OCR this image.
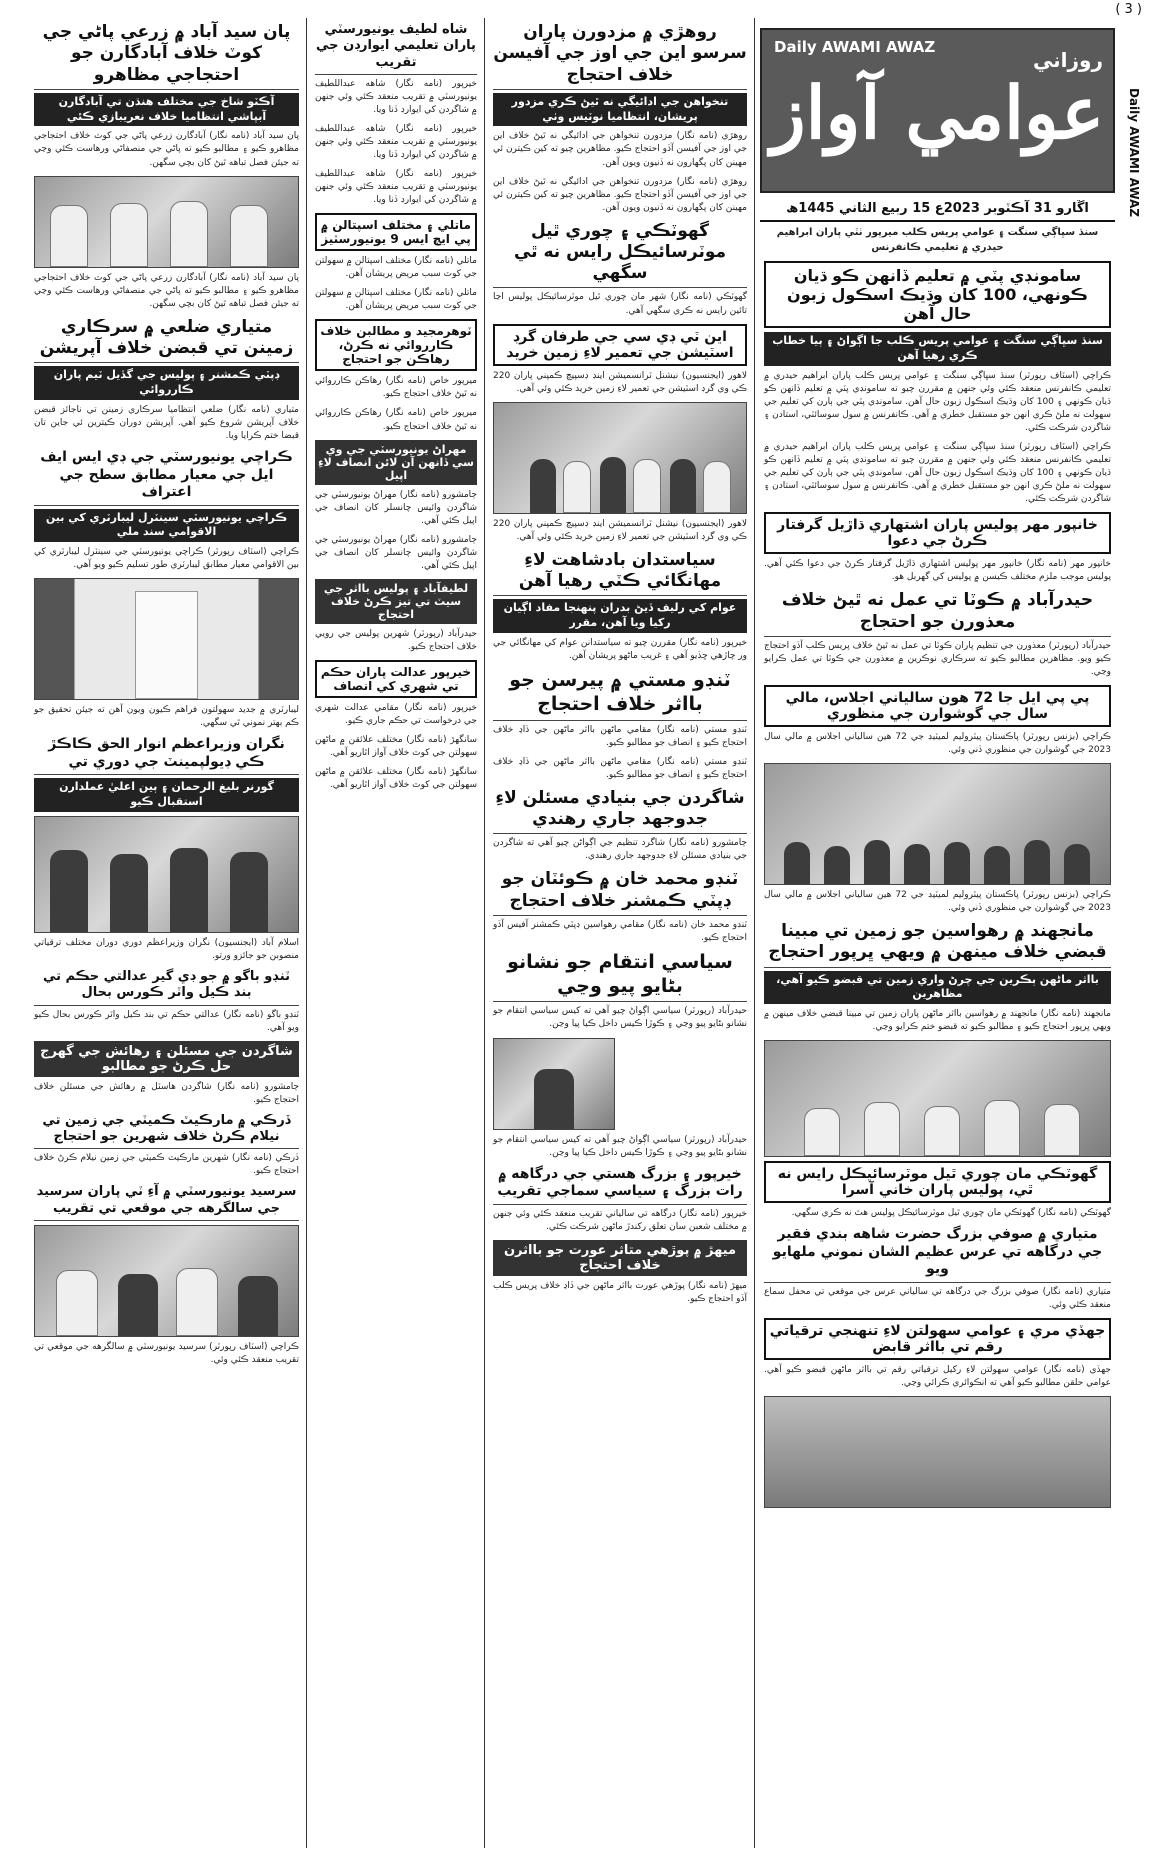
( 3 )
Daily AWAMI AWAZ
روزاني
عوامي آواز
اڱارو 31 آڪٽوبر 2023ع 15 ربيع الثاني 1445ھ
سنڌ سڀاڳي سنگت ۽ عوامي پريس ڪلب ميرپور ٺٽي پاران ابراهيم حيدري ۾ تعليمي ڪانفرنس
سامونڊي پٽي ۾ تعليم ڏانهن ڪو ڌيان ڪونهي، 100 کان وڌيڪ اسڪول زبون حال آهن
سنڌ سڀاڳي سنگت ۽ عوامي پريس ڪلب جا اڳواڻ ۽ ٻيا خطاب ڪري رهيا آهن

ڪراچي (اسٽاف رپورٽر) سنڌ سڀاڳي سنگت ۽ عوامي پريس ڪلب پاران ابراهيم حيدري ۾ تعليمي ڪانفرنس منعقد ڪئي وئي جنهن ۾ مقررن چيو ته سامونڊي پٽي ۾ تعليم ڏانهن ڪو ڌيان ڪونهي ۽ 100 کان وڌيڪ اسڪول زبون حال آهن. سامونڊي پٽي جي ٻارن کي تعليم جي سهولت نه ملڻ ڪري انهن جو مستقبل خطري ۾ آهي. ڪانفرنس ۾ سول سوسائٽي، استادن ۽ شاگردن شرڪت ڪئي.

ڪراچي (اسٽاف رپورٽر) سنڌ سڀاڳي سنگت ۽ عوامي پريس ڪلب پاران ابراهيم حيدري ۾ تعليمي ڪانفرنس منعقد ڪئي وئي جنهن ۾ مقررن چيو ته سامونڊي پٽي ۾ تعليم ڏانهن ڪو ڌيان ڪونهي ۽ 100 کان وڌيڪ اسڪول زبون حال آهن. سامونڊي پٽي جي ٻارن کي تعليم جي سهولت نه ملڻ ڪري انهن جو مستقبل خطري ۾ آهي. ڪانفرنس ۾ سول سوسائٽي، استادن ۽ شاگردن شرڪت ڪئي.

خانپور مهر پوليس پاران اشتهاري ڌاڙيل گرفتار ڪرڻ جي دعوا

خانپور مهر (نامه نگار) خانپور مهر پوليس اشتهاري ڌاڙيل گرفتار ڪرڻ جي دعوا ڪئي آهي. پوليس موجب ملزم مختلف ڪيسن ۾ پوليس کي گهربل هو.

حيدرآباد ۾ ڪوٽا تي عمل نه ٿيڻ خلاف معذورن جو احتجاج

حيدرآباد (رپورٽر) معذورن جي تنظيم پاران ڪوٽا تي عمل نه ٿيڻ خلاف پريس ڪلب آڏو احتجاج ڪيو ويو. مظاهرين مطالبو ڪيو ته سرڪاري نوڪرين ۾ معذورن جي ڪوٽا تي عمل ڪرايو وڃي.

پي پي ايل جا 72 هون سالياني اجلاس، مالي سال جي گوشوارن جي منظوري

ڪراچي (بزنس رپورٽر) پاڪستان پيٽروليم لميٽيڊ جي 72 هين سالياني اجلاس ۾ مالي سال 2023 جي گوشوارن جي منظوري ڏني وئي.

ڪراچي (بزنس رپورٽر) پاڪستان پيٽروليم لميٽيڊ جي 72 هين سالياني اجلاس ۾ مالي سال 2023 جي گوشوارن جي منظوري ڏني وئي.

مانجهند ۾ رهواسين جو زمين تي مبينا قبضي خلاف مينهن ۾ ويهي ڀرپور احتجاج
بااثر ماڻهن ٻڪرين جي چرڻ واري زمين تي قبضو ڪيو آهي، مظاهرين

مانجهند (نامه نگار) مانجهند ۾ رهواسين بااثر ماڻهن پاران زمين تي مبينا قبضي خلاف مينهن ۾ ويهي ڀرپور احتجاج ڪيو ۽ مطالبو ڪيو ته قبضو ختم ڪرايو وڃي.

گهوٽڪي مان چوري ٿيل موٽرسائيڪل رايس نه ٿي، پوليس پاران خاني آسرا

گهوٽڪي (نامه نگار) گهوٽڪي مان چوري ٿيل موٽرسائيڪل پوليس هٿ نه ڪري سگهي.

متياري ۾ صوفي بزرگ حضرت شاهه بندي فقير جي درگاهه تي عرس عظيم الشان نموني ملهايو ويو

متياري (نامه نگار) صوفي بزرگ جي درگاهه تي سالياني عرس جي موقعي تي محفل سماع منعقد ڪئي وئي.

جهڏي مري ۽ عوامي سهولتن لاءِ تنهنجي ترقياتي رقم تي بااثر قابض

جهڏي (نامه نگار) عوامي سهولتن لاءِ رکيل ترقياتي رقم تي بااثر ماڻهن قبضو ڪيو آهي. عوامي حلقن مطالبو ڪيو آهي ته انڪوائري ڪرائي وڃي.

روهڙي ۾ مزدورن پاران سرسو اين جي اوز جي آفيسن خلاف احتجاج
تنخواهن جي ادائيگي نه ٿيڻ ڪري مزدور پريشان، انتظاميا نوٽيس وٺي

روهڙي (نامه نگار) مزدورن تنخواهن جي ادائيگي نه ٿيڻ خلاف اين جي اوز جي آفيسن آڏو احتجاج ڪيو. مظاهرين چيو ته کين ڪيترن ئي مهينن کان پگهارون نه ڏنيون ويون آهن.

روهڙي (نامه نگار) مزدورن تنخواهن جي ادائيگي نه ٿيڻ خلاف اين جي اوز جي آفيسن آڏو احتجاج ڪيو. مظاهرين چيو ته کين ڪيترن ئي مهينن کان پگهارون نه ڏنيون ويون آهن.

گهوٽڪي ۽ چوري ٿيل موٽرسائيڪل رايس نه ٿي سگهي

گهوٽڪي (نامه نگار) شهر مان چوري ٿيل موٽرسائيڪل پوليس اڃا تائين رايس نه ڪري سگهي آهي.

اين ٽي ڊي سي جي طرفان گرڊ اسٽيشن جي تعمير لاءِ زمين خريد

لاهور (ايجنسيون) نيشنل ٽرانسميشن اينڊ ڊسپيچ ڪمپني پاران 220 ڪي وي گرڊ اسٽيشن جي تعمير لاءِ زمين خريد ڪئي وئي آهي.

لاهور (ايجنسيون) نيشنل ٽرانسميشن اينڊ ڊسپيچ ڪمپني پاران 220 ڪي وي گرڊ اسٽيشن جي تعمير لاءِ زمين خريد ڪئي وئي آهي.

سياستدان بادشاهت لاءِ مهانگائي ڪٽي رهيا آهن
عوام کي رليف ڏيڻ بدران پنهنجا مفاد اڳيان رکيا ويا آهن، مقرر

خيرپور (نامه نگار) مقررن چيو ته سياستدانن عوام کي مهانگائي جي ور چاڙهي ڇڏيو آهي ۽ غريب ماڻهو پريشان آهن.

ٽنڊو مستي ۾ پيرسن جو بااثر خلاف احتجاج

ٽنڊو مستي (نامه نگار) مقامي ماڻهن بااثر ماڻهن جي ڏاڍ خلاف احتجاج ڪيو ۽ انصاف جو مطالبو ڪيو.

ٽنڊو مستي (نامه نگار) مقامي ماڻهن بااثر ماڻهن جي ڏاڍ خلاف احتجاج ڪيو ۽ انصاف جو مطالبو ڪيو.

شاگردن جي بنيادي مسئلن لاءِ جدوجهد جاري رهندي

ڄامشورو (نامه نگار) شاگرد تنظيم جي اڳواڻن چيو آهي ته شاگردن جي بنيادي مسئلن لاءِ جدوجهد جاري رهندي.

ٽنڊو محمد خان ۾ ڪوئٽان جو ڊپٽي ڪمشنر خلاف احتجاج

ٽنڊو محمد خان (نامه نگار) مقامي رهواسين ڊپٽي ڪمشنر آفيس آڏو احتجاج ڪيو.

سياسي انتقام جو نشانو بڻايو پيو وڃي

حيدرآباد (رپورٽر) سياسي اڳواڻ چيو آهي ته کيس سياسي انتقام جو نشانو بڻايو پيو وڃي ۽ ڪوڙا ڪيس داخل ڪيا پيا وڃن.

حيدرآباد (رپورٽر) سياسي اڳواڻ چيو آهي ته کيس سياسي انتقام جو نشانو بڻايو پيو وڃي ۽ ڪوڙا ڪيس داخل ڪيا پيا وڃن.

خيرپور ۽ بزرگ ھستي جي درگاھه ۾ رات بزرگ ۽ سياسي سماجي تقريب

خيرپور (نامه نگار) درگاهه تي سالياني تقريب منعقد ڪئي وئي جنهن ۾ مختلف شعبن سان تعلق رکندڙ ماڻهن شرڪت ڪئي.

ميهڙ ۾ پوڙهي متاثر عورت جو بااثرن خلاف احتجاج

ميهڙ (نامه نگار) پوڙهي عورت بااثر ماڻهن جي ڏاڍ خلاف پريس ڪلب آڏو احتجاج ڪيو.

شاه لطيف يونيورسٽي پاران تعليمي ايوارڊن جي تقريب

خيرپور (نامه نگار) شاهه عبداللطيف يونيورسٽي ۾ تقريب منعقد ڪئي وئي جنهن ۾ شاگردن کي ايوارڊ ڏنا ويا.

خيرپور (نامه نگار) شاهه عبداللطيف يونيورسٽي ۾ تقريب منعقد ڪئي وئي جنهن ۾ شاگردن کي ايوارڊ ڏنا ويا.

خيرپور (نامه نگار) شاهه عبداللطيف يونيورسٽي ۾ تقريب منعقد ڪئي وئي جنهن ۾ شاگردن کي ايوارڊ ڏنا ويا.

ماتلي ۽ مختلف اسپتالن ۾ پي ايچ ايس 9 يونيورسٽيز

ماتلي (نامه نگار) مختلف اسپتالن ۾ سهولتن جي کوٽ سبب مريض پريشان آهن.

ماتلي (نامه نگار) مختلف اسپتالن ۾ سهولتن جي کوٽ سبب مريض پريشان آهن.

ٽوهرمجيد و مطالبن خلاف ڪارروائي نه ڪرڻ، رهاڪن جو احتجاج

ميرپور خاص (نامه نگار) رهاڪن ڪارروائي نه ٿيڻ خلاف احتجاج ڪيو.

ميرپور خاص (نامه نگار) رهاڪن ڪارروائي نه ٿيڻ خلاف احتجاج ڪيو.

مهراڻ يونيورسٽي جي وي سي ڏانهن آن لائن انصاف لاءِ اپيل

ڄامشورو (نامه نگار) مهراڻ يونيورسٽي جي شاگردن وائيس چانسلر کان انصاف جي اپيل ڪئي آهي.

ڄامشورو (نامه نگار) مهراڻ يونيورسٽي جي شاگردن وائيس چانسلر کان انصاف جي اپيل ڪئي آهي.

لطيفآباد ۽ پوليس بااثر جي سيٽ تي تيز ڪرڻ خلاف احتجاج

حيدرآباد (رپورٽر) شهرين پوليس جي رويي خلاف احتجاج ڪيو.

خيرپور عدالت پاران حڪم تي شهري کي انصاف

خيرپور (نامه نگار) مقامي عدالت شهري جي درخواست تي حڪم جاري ڪيو.

سانگهڙ (نامه نگار) مختلف علائقن ۾ ماڻهن سهولتن جي کوٽ خلاف آواز اٿاريو آهي.

سانگهڙ (نامه نگار) مختلف علائقن ۾ ماڻهن سهولتن جي کوٽ خلاف آواز اٿاريو آهي.

پان سيد آباد ۾ زرعي پاڻي جي کوٽ خلاف آبادگارن جو احتجاجي مظاهرو
آڪٽو شاخ جي مختلف هنڌن تي آبادگارن آبپاشي انتظاميا خلاف نعريبازي ڪئي

پان سيد آباد (نامه نگار) آبادگارن زرعي پاڻي جي کوٽ خلاف احتجاجي مظاهرو ڪيو ۽ مطالبو ڪيو ته پاڻي جي منصفاڻي ورهاست ڪئي وڃي ته جيئن فصل تباهه ٿيڻ کان بچي سگهن.

پان سيد آباد (نامه نگار) آبادگارن زرعي پاڻي جي کوٽ خلاف احتجاجي مظاهرو ڪيو ۽ مطالبو ڪيو ته پاڻي جي منصفاڻي ورهاست ڪئي وڃي ته جيئن فصل تباهه ٿيڻ کان بچي سگهن.

متياري ضلعي ۾ سرڪاري زمينن تي قبضن خلاف آپريشن
ڊپٽي ڪمشنر ۽ پوليس جي گڏيل ٽيم پاران ڪارروائي

متياري (نامه نگار) ضلعي انتظاميا سرڪاري زمينن تي ناجائز قبضن خلاف آپريشن شروع ڪيو آهي. آپريشن دوران ڪيترين ئي جاين تان قبضا ختم ڪرايا ويا.

ڪراچي يونيورسٽي جي ڊي ايس ايف ايل جي معيار مطابق سطح جي اعتراف
ڪراچي يونيورسٽي سينٽرل ليبارٽري کي بين الاقوامي سند ملي

ڪراچي (اسٽاف رپورٽر) ڪراچي يونيورسٽي جي سينٽرل ليبارٽري کي بين الاقوامي معيار مطابق ليبارٽري طور تسليم ڪيو ويو آهي.

ليبارٽري ۾ جديد سهولتون فراهم ڪيون ويون آهن ته جيئن تحقيق جو ڪم بهتر نموني ٿي سگهي.

نگران وزيراعظم انوار الحق ڪاڪڙ ڪي ڊيولپمينٽ جي دوري تي
گورنر بليغ الرحمان ۽ ٻين اعليٰ عملدارن استقبال ڪيو

اسلام آباد (ايجنسيون) نگران وزيراعظم دوري دوران مختلف ترقياتي منصوبن جو جائزو ورتو.

ٽنڊو باگو ۾ جو ڊي گير عدالتي حڪم تي بند ڪيل واٽر ڪورس بحال

ٽنڊو باگو (نامه نگار) عدالتي حڪم تي بند ڪيل واٽر ڪورس بحال ڪيو ويو آهي.

شاگردن جي مسئلن ۽ رهائش جي گهرج حل ڪرڻ جو مطالبو

ڄامشورو (نامه نگار) شاگردن هاسٽل ۾ رهائش جي مسئلن خلاف احتجاج ڪيو.

ڏرڪي ۾ مارڪيٽ ڪميٽي جي زمين تي نيلام ڪرڻ خلاف شهرين جو احتجاج

ڏرڪي (نامه نگار) شهرين مارڪيٽ ڪميٽي جي زمين نيلام ڪرڻ خلاف احتجاج ڪيو.

سرسيد يونيورسٽي ۾ آءِ ٽي پاران سرسيد جي سالگرهه جي موقعي تي تقريب

ڪراچي (اسٽاف رپورٽر) سرسيد يونيورسٽي ۾ سالگرهه جي موقعي تي تقريب منعقد ڪئي وئي.

Daily AWAMI AWAZ
